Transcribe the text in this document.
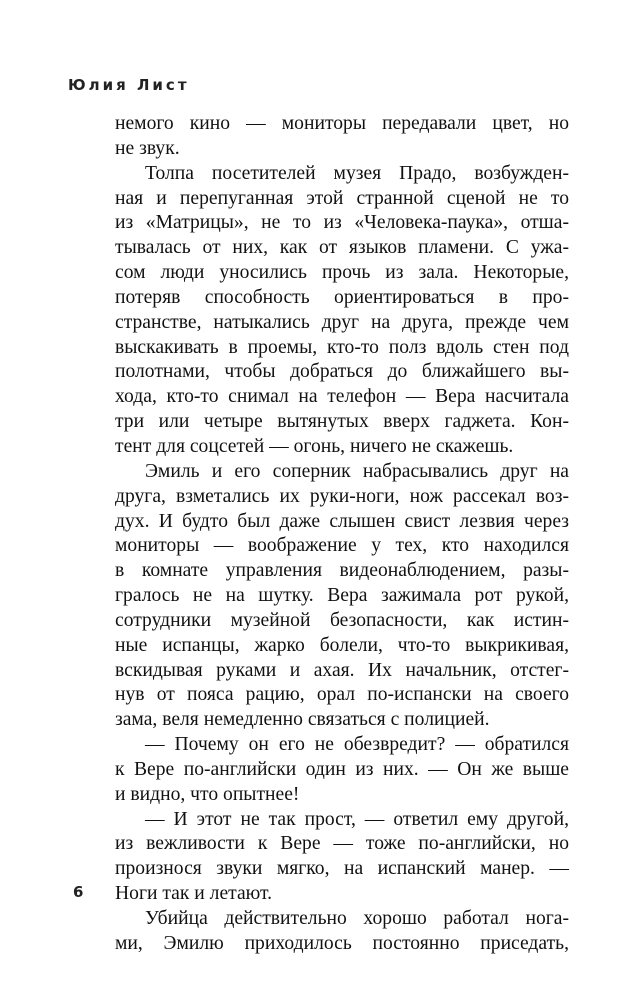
Юлия Лист
немого кино — мониторы передавали цвет, но
не звук.
Толпа посетителей музея Прадо, возбужден-
ная и перепуганная этой странной сценой не то
из «Матрицы», не то из «Человека-паука», отша-
тывалась от них, как от языков пламени. С ужа-
сом люди уносились прочь из зала. Некоторые,
потеряв способность ориентироваться в про-
странстве, натыкались друг на друга, прежде чем
выскакивать в проемы, кто-то полз вдоль стен под
полотнами, чтобы добраться до ближайшего вы-
хода, кто-то снимал на телефон — Вера насчитала
три или четыре вытянутых вверх гаджета. Кон-
тент для соцсетей — огонь, ничего не скажешь.
Эмиль и его соперник набрасывались друг на
друга, взметались их руки-ноги, нож рассекал воз-
дух. И будто был даже слышен свист лезвия через
мониторы — воображение у тех, кто находился
в комнате управления видеонаблюдением, разы-
гралось не на шутку. Вера зажимала рот рукой,
сотрудники музейной безопасности, как истин-
ные испанцы, жарко болели, что-то выкрикивая,
вскидывая руками и ахая. Их начальник, отстег-
нув от пояса рацию, орал по-испански на своего
зама, веля немедленно связаться с полицией.
— Почему он его не обезвредит? — обратился
к Вере по-английски один из них. — Он же выше
и видно, что опытнее!
— И этот не так прост, — ответил ему другой,
из вежливости к Вере — тоже по-английски, но
произнося звуки мягко, на испанский манер. —
Ноги так и летают.
Убийца действительно хорошо работал нога-
ми, Эмилю приходилось постоянно приседать,
6
